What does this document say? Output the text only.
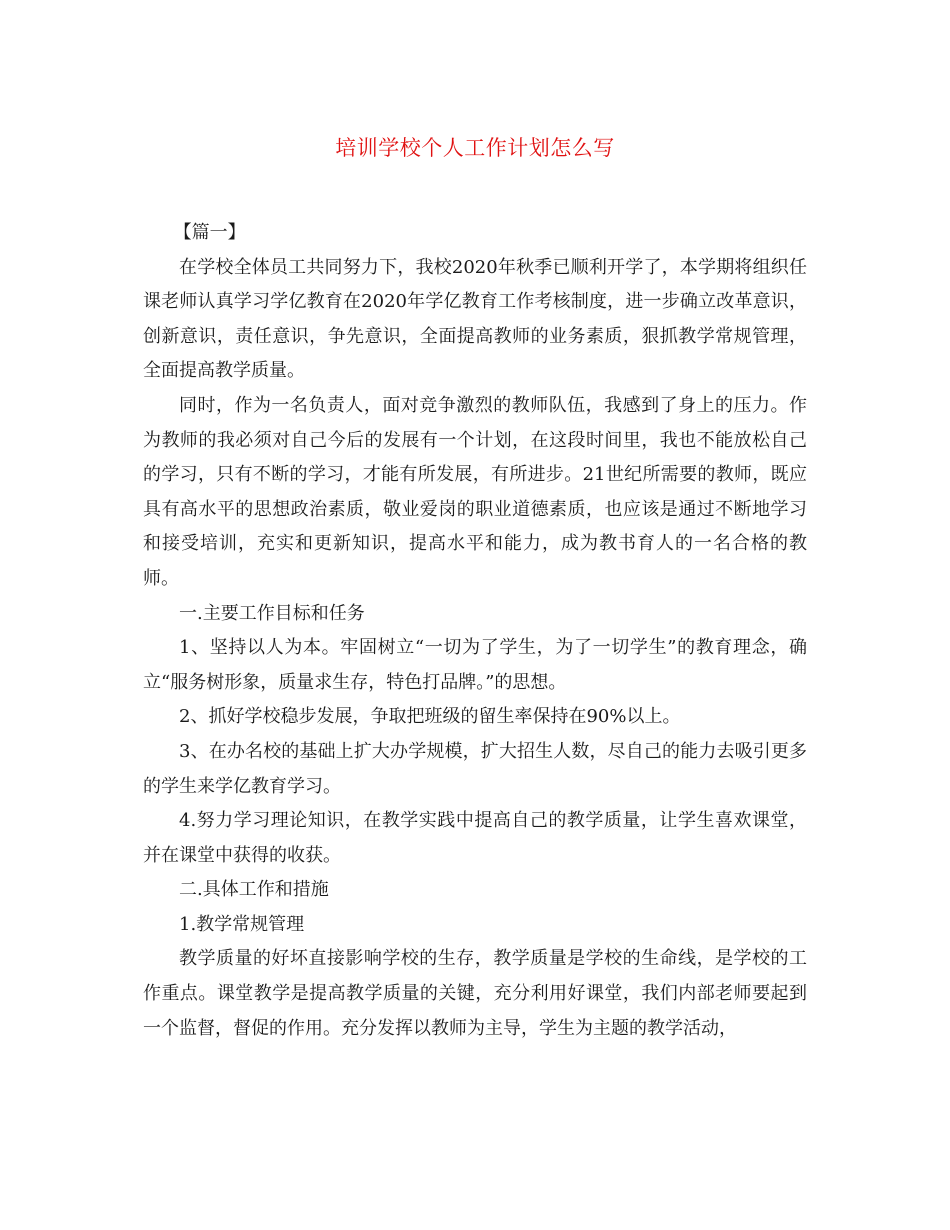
培训学校个人工作计划怎么写

【篇一】

在学校全体员工共同努力下，我校2020年秋季已顺利开学了，本学期将组织任课老师认真学习学亿教育在2020年学亿教育工作考核制度，进一步确立改革意识，创新意识，责任意识，争先意识，全面提高教师的业务素质，狠抓教学常规管理，全面提高教学质量。

同时，作为一名负责人，面对竞争激烈的教师队伍，我感到了身上的压力。作为教师的我必须对自己今后的发展有一个计划，在这段时间里，我也不能放松自己的学习，只有不断的学习，才能有所发展，有所进步。21世纪所需要的教师，既应具有高水平的思想政治素质，敬业爱岗的职业道德素质，也应该是通过不断地学习和接受培训，充实和更新知识，提高水平和能力，成为教书育人的一名合格的教师。

一.主要工作目标和任务

1、坚持以人为本。牢固树立“一切为了学生，为了一切学生”的教育理念，确立“服务树形象，质量求生存，特色打品牌。”的思想。

2、抓好学校稳步发展，争取把班级的留生率保持在90%以上。

3、在办名校的基础上扩大办学规模，扩大招生人数，尽自己的能力去吸引更多的学生来学亿教育学习。

4.努力学习理论知识，在教学实践中提高自己的教学质量，让学生喜欢课堂，并在课堂中获得的收获。

二.具体工作和措施

1.教学常规管理

教学质量的好坏直接影响学校的生存，教学质量是学校的生命线，是学校的工作重点。课堂教学是提高教学质量的关键，充分利用好课堂，我们内部老师要起到一个监督，督促的作用。充分发挥以教师为主导，学生为主题的教学活动，
